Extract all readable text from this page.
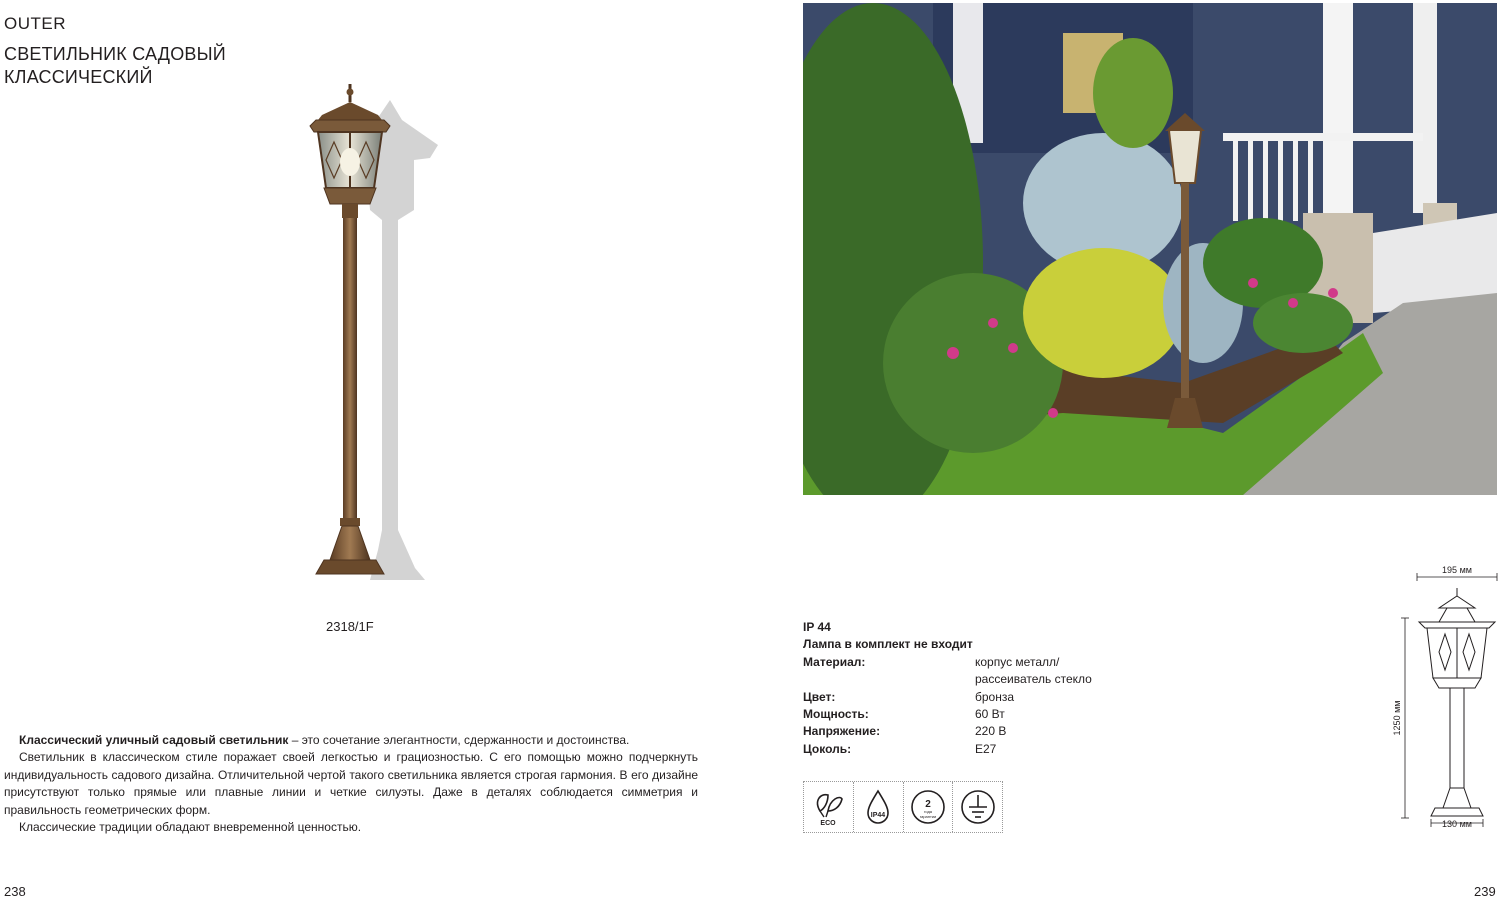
OUTER
СВЕТИЛЬНИК САДОВЫЙ
КЛАССИЧЕСКИЙ
2318/1F

Классический уличный садовый светильник – это сочетание элегантности, сдержанности и достоинства.

Светильник в классическом стиле поражает своей легкостью и грациозностью. С его помощью можно подчеркнуть индивидуальность садового дизайна. Отличительной чертой такого светильника является строгая гармония. В его дизайне присутствуют только прямые или плавные линии и четкие силуэты. Даже в деталях соблюдается симметрия и правильность геометрических форм.

Классические традиции обладают вневременной ценностью.

238
IP 44
Лампа в комплект не входит
Материал:	корпус металл/
рассеиватель стекло
Цвет:	бронза
Мощность:	60 Вт
Напряжение:	220 В
Цоколь:	E27
ECO
IP44
2
года
гарантии
195 мм
1250 мм
130 мм
239
